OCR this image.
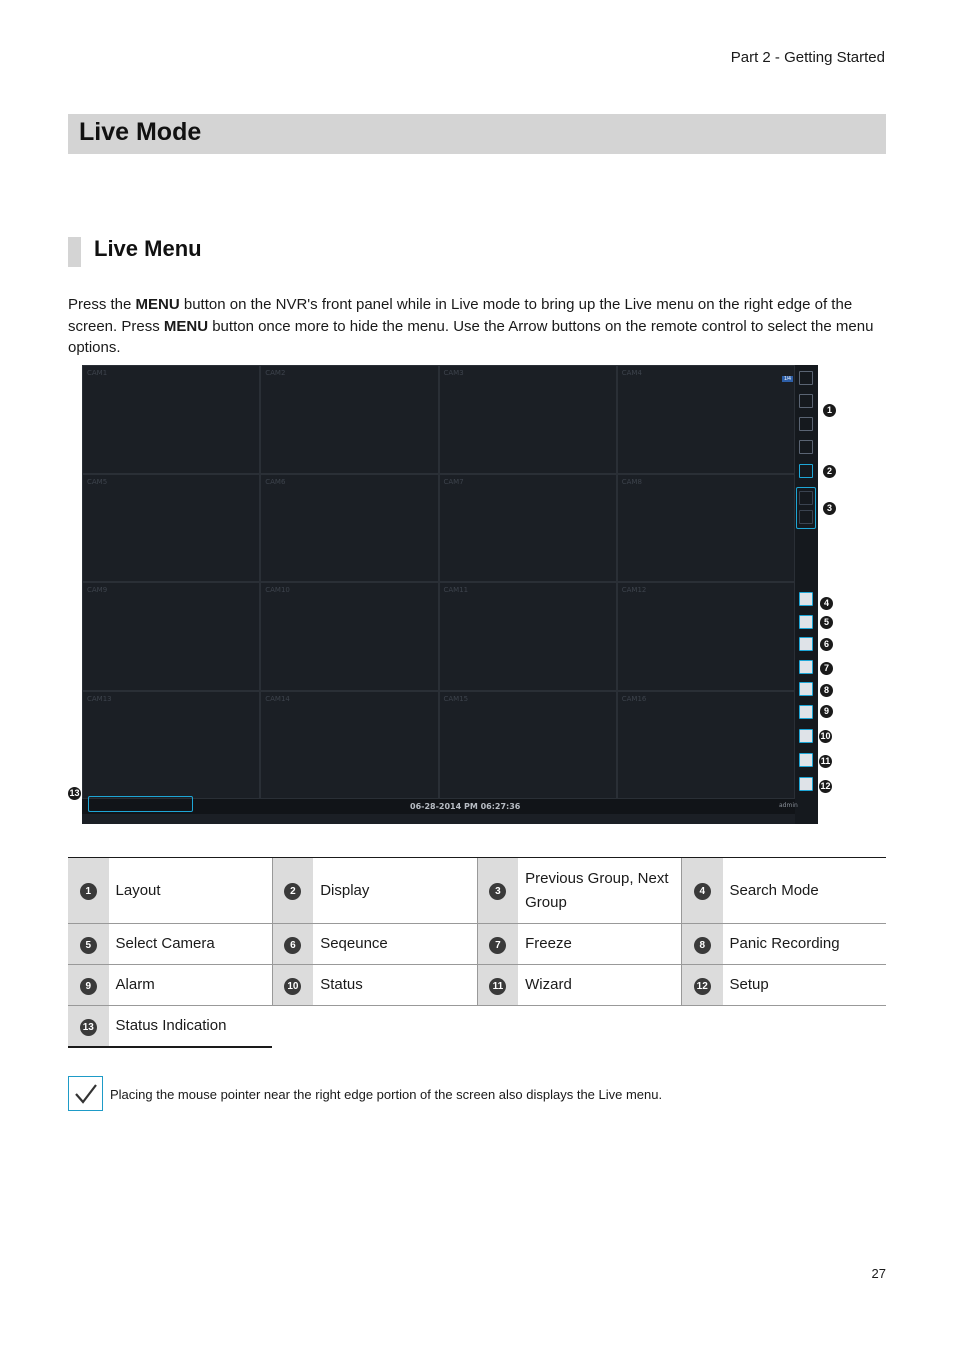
Part 2 - Getting Started
Live Mode
Live Menu
Press the MENU button on the NVR's front panel while in Live mode to bring up the Live menu on the right edge of the screen. Press MENU button once more to hide the menu. Use the Arrow buttons on the remote control to select the menu options.
CAM1	CAM2	CAM3	CAM4
CAM5	CAM6	CAM7	CAM8
CAM9	CAM10	CAM11	CAM12
CAM13	CAM14	CAM15	CAM16
1/4
06-28-2014 PM 06:27:36	admin
1
2
3
4
5
6
7
8
9
10
11
12
13
1	Layout	2	Display	3	Previous Group, Next Group	4	Search Mode
5	Select Camera	6	Seqeunce	7	Freeze	8	Panic Recording
9	Alarm	10	Status	11	Wizard	12	Setup
13	Status Indication						
Placing the mouse pointer near the right edge portion of the screen also displays the Live menu.
27
